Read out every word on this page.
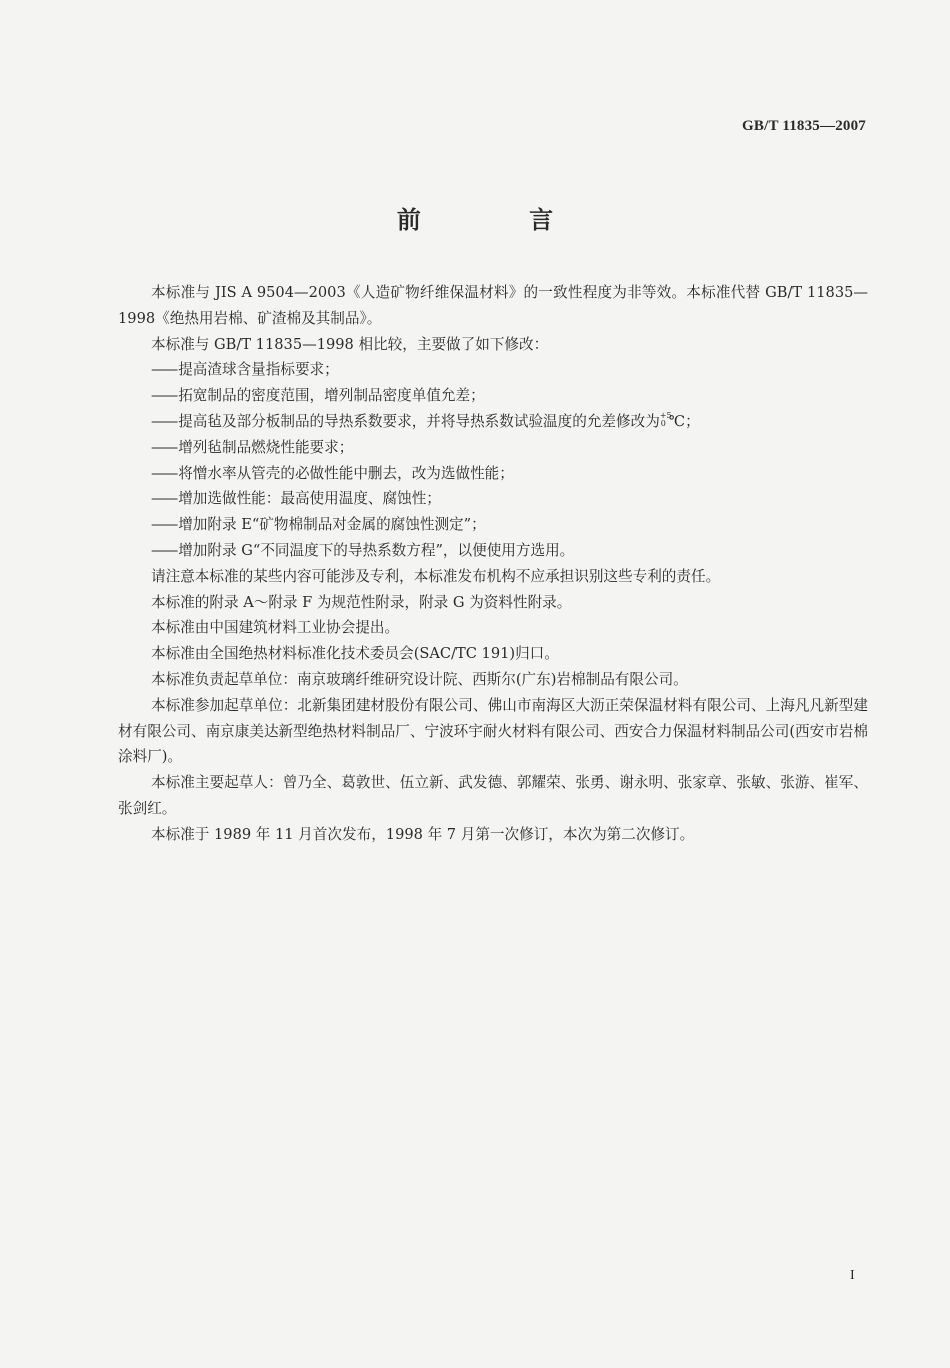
GB/T 11835—2007
前 言

本标准与 JIS A 9504—2003《人造矿物纤维保温材料》的一致性程度为非等效。本标准代替 GB/T 11835—1998《绝热用岩棉、矿渣棉及其制品》。

本标准与 GB/T 11835—1998 相比较，主要做了如下修改：

—— 提高渣球含量指标要求；

—— 拓宽制品的密度范围，增列制品密度单值允差；

—— 提高毡及部分板制品的导热系数要求，并将导热系数试验温度的允差修改为 +5
0 ℃；

—— 增列毡制品燃烧性能要求；

—— 将憎水率从管壳的必做性能中删去，改为选做性能；

—— 增加选做性能：最高使用温度、腐蚀性；

—— 增加附录 E“矿物棉制品对金属的腐蚀性测定”；

—— 增加附录 G“不同温度下的导热系数方程”，以便使用方选用。

请注意本标准的某些内容可能涉及专利，本标准发布机构不应承担识别这些专利的责任。

本标准的附录 A～附录 F 为规范性附录，附录 G 为资料性附录。

本标准由中国建筑材料工业协会提出。

本标准由全国绝热材料标准化技术委员会(SAC/TC 191)归口。

本标准负责起草单位：南京玻璃纤维研究设计院、西斯尔(广东)岩棉制品有限公司。

本标准参加起草单位：北新集团建材股份有限公司、佛山市南海区大沥正荣保温材料有限公司、上海凡凡新型建材有限公司、南京康美达新型绝热材料制品厂、宁波环宇耐火材料有限公司、西安合力保温材料制品公司(西安市岩棉涂料厂)。

本标准主要起草人：曾乃全、葛敦世、伍立新、武发德、郭耀荣、张勇、谢永明、张家章、张敏、张游、崔军、张剑红。

本标准于 1989 年 11 月首次发布，1998 年 7 月第一次修订，本次为第二次修订。

I
